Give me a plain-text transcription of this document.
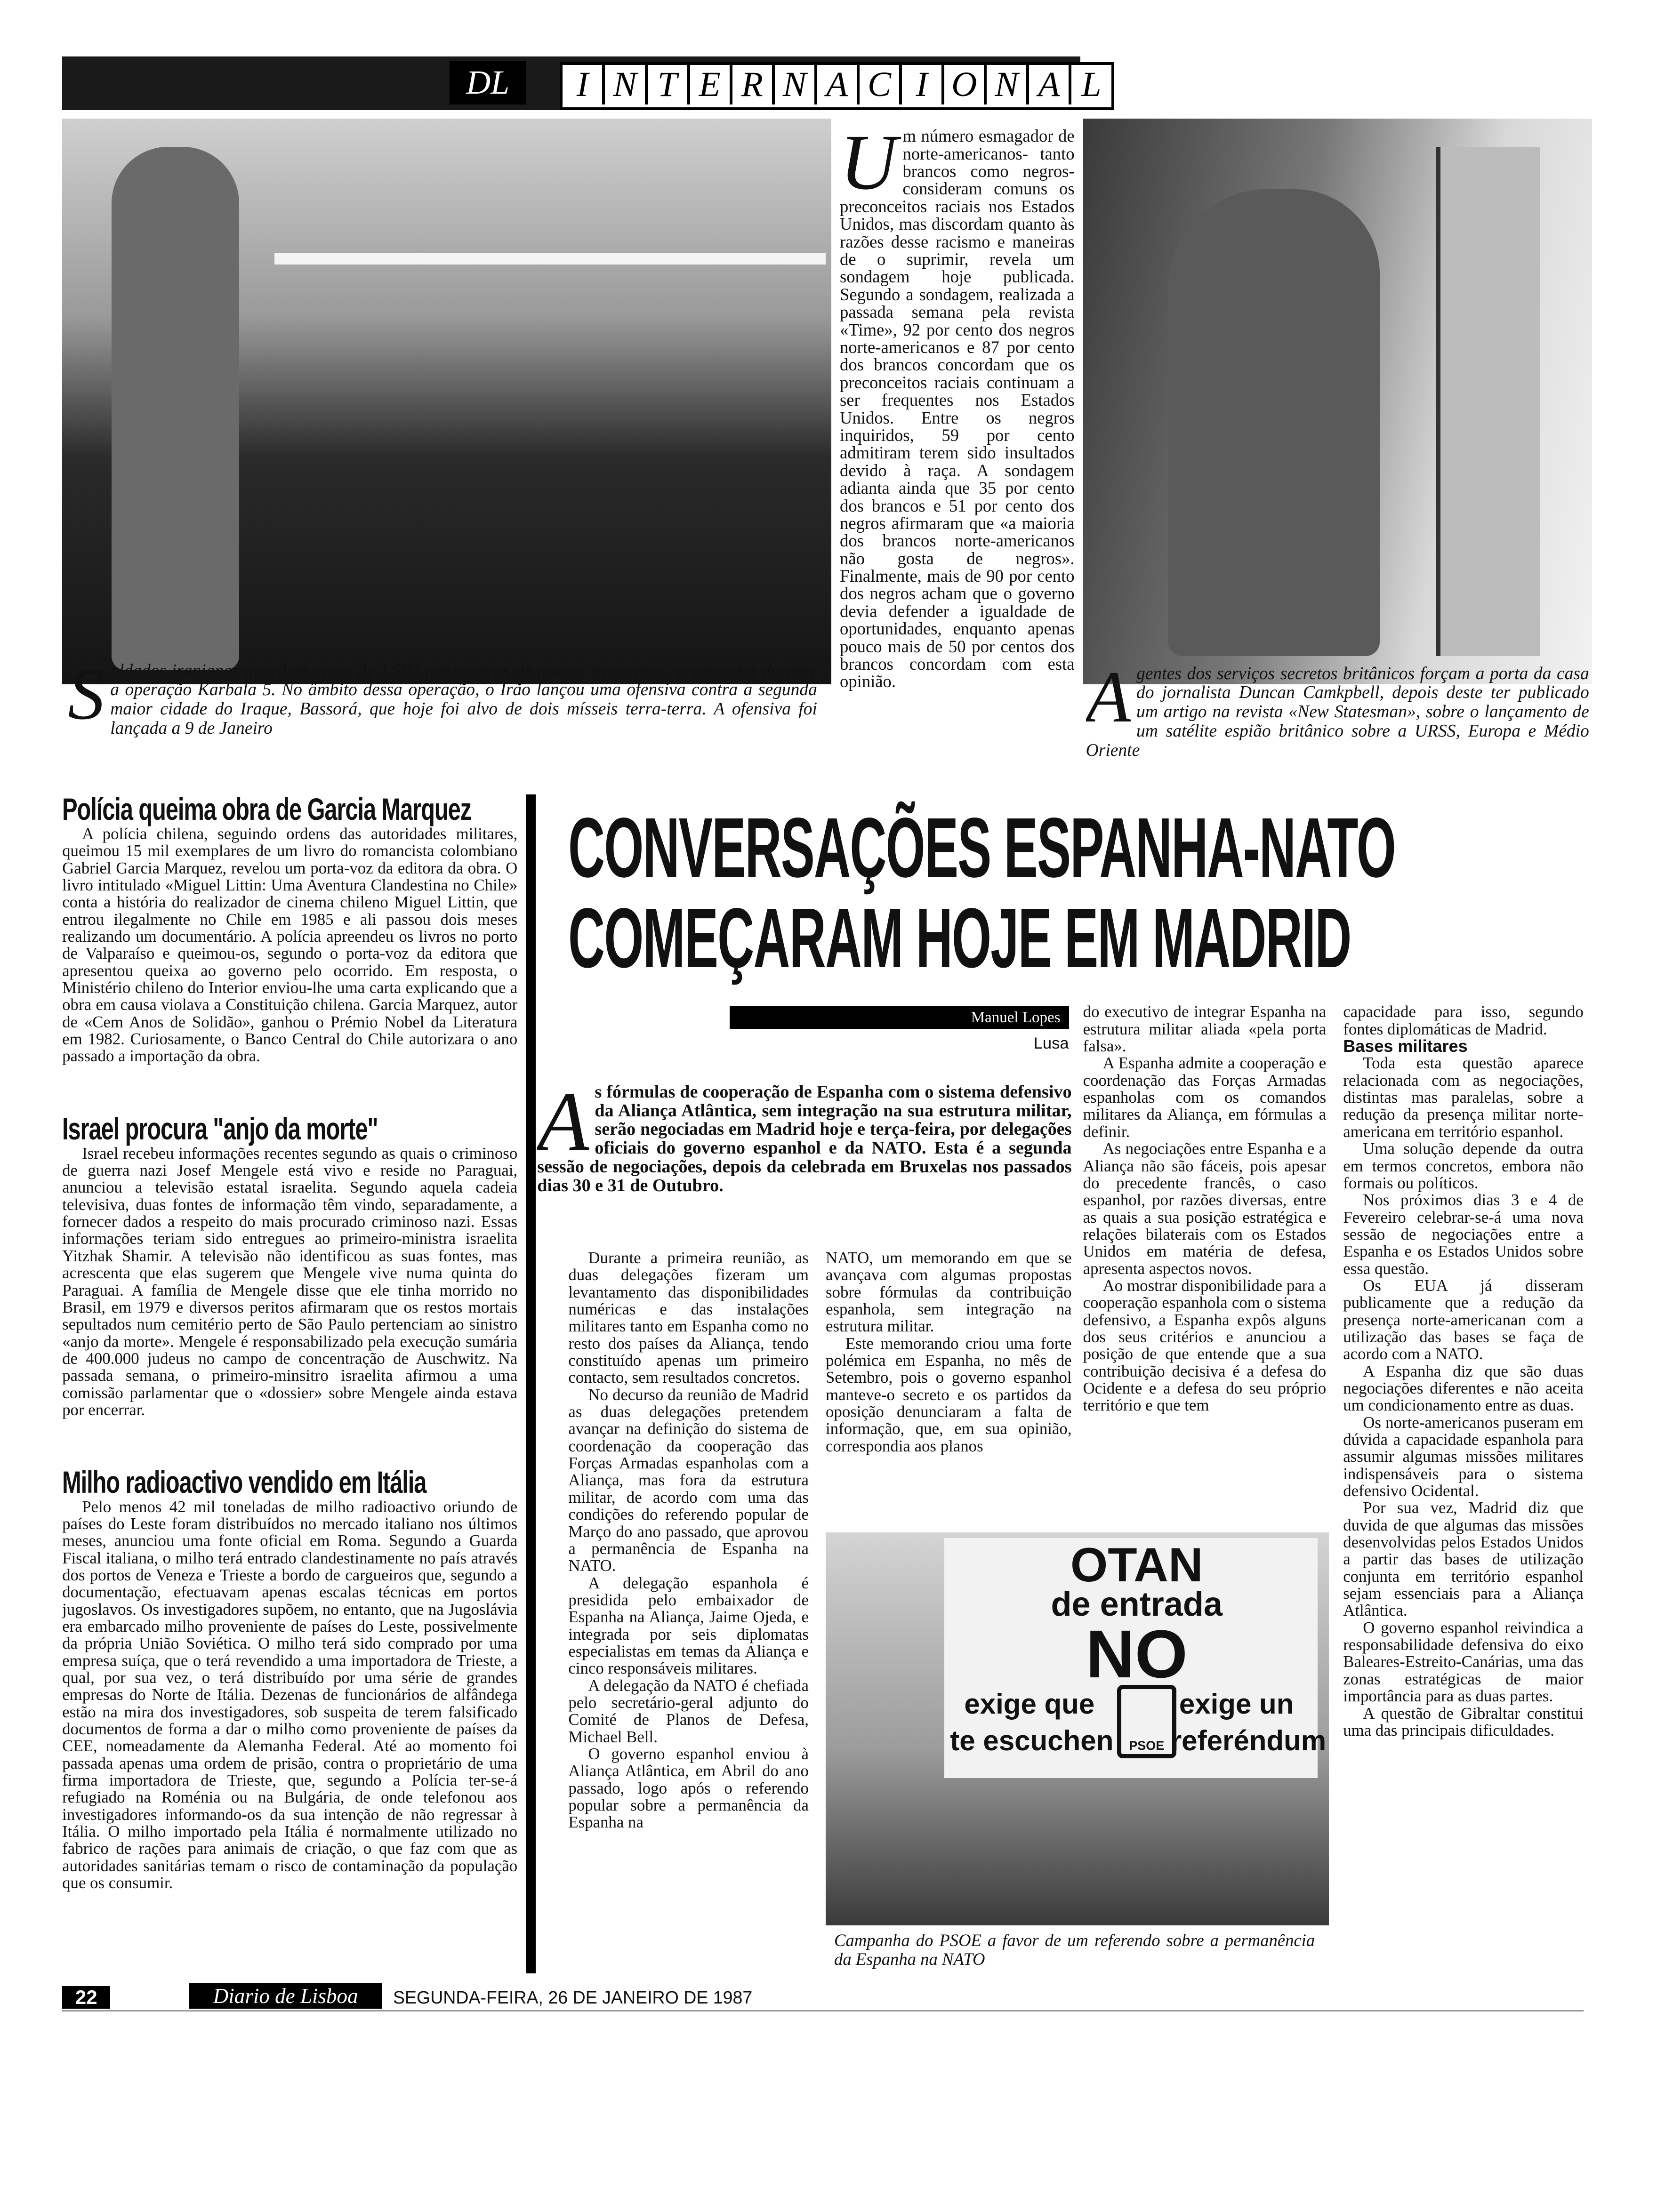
DL	I N T E R N A C I O N A L
Soldados iranianos guardam cerca de 1.500 prisioneiros de guerra iraquianos, capturados durante a operação Karbala 5. No âmbito dessa operação, o Irão lançou uma ofensiva contra a segunda maior cidade do Iraque, Bassorá, que hoje foi alvo de dois mísseis terra-terra. A ofensiva foi lançada a 9 de Janeiro
Um número esmagador de norte-americanos- tanto brancos como negros- consideram comuns os preconceitos raciais nos Estados Unidos, mas discordam quanto às razões desse racismo e maneiras de o suprimir, revela um sondagem hoje publicada. Segundo a sondagem, realizada a passada semana pela revista «Time», 92 por cento dos negros norte-americanos e 87 por cento dos brancos concordam que os preconceitos raciais continuam a ser frequentes nos Estados Unidos. Entre os negros inquiridos, 59 por cento admitiram terem sido insultados devido à raça. A sondagem adianta ainda que 35 por cento dos brancos e 51 por cento dos negros afirmaram que «a maioria dos brancos norte-americanos não gosta de negros». Finalmente, mais de 90 por cento dos negros acham que o governo devia defender a igualdade de oportunidades, enquanto apenas pouco mais de 50 por centos dos brancos concordam com esta opinião.	Agentes dos serviços secretos britânicos forçam a porta da casa do jornalista Duncan Camkpbell, depois deste ter publicado um artigo na revista «New Statesman», sobre o lançamento de um satélite espião britânico sobre a URSS, Europa e Médio Oriente
Polícia queima obra de Garcia Marquez
A polícia chilena, seguindo ordens das autoridades militares, queimou 15 mil exemplares de um livro do romancista colombiano Gabriel Garcia Marquez, revelou um porta-voz da editora da obra. O livro intitulado «Miguel Littin: Uma Aventura Clandestina no Chile» conta a história do realizador de cinema chileno Miguel Littin, que entrou ilegalmente no Chile em 1985 e ali passou dois meses realizando um documentário. A polícia apreendeu os livros no porto de Valparaíso e queimou-os, segundo o porta-voz da editora que apresentou queixa ao governo pelo ocorrido. Em resposta, o Ministério chileno do Interior enviou-lhe uma carta explicando que a obra em causa violava a Constituição chilena. Garcia Marquez, autor de «Cem Anos de Solidão», ganhou o Prémio Nobel da Literatura em 1982. Curiosamente, o Banco Central do Chile autorizara o ano passado a importação da obra.
Israel procura "anjo da morte"
Israel recebeu informações recentes segundo as quais o criminoso de guerra nazi Josef Mengele está vivo e reside no Paraguai, anunciou a televisão estatal israelita. Segundo aquela cadeia televisiva, duas fontes de informação têm vindo, separadamente, a fornecer dados a respeito do mais procurado criminoso nazi. Essas informações teriam sido entregues ao primeiro-ministra israelita Yitzhak Shamir. A televisão não identificou as suas fontes, mas acrescenta que elas sugerem que Mengele vive numa quinta do Paraguai. A família de Mengele disse que ele tinha morrido no Brasil, em 1979 e diversos peritos afirmaram que os restos mortais sepultados num cemitério perto de São Paulo pertenciam ao sinistro «anjo da morte». Mengele é responsabilizado pela execução sumária de 400.000 judeus no campo de concentração de Auschwitz. Na passada semana, o primeiro-minsitro israelita afirmou a uma comissão parlamentar que o «dossier» sobre Mengele ainda estava por encerrar.
Milho radioactivo vendido em Itália
Pelo menos 42 mil toneladas de milho radioactivo oriundo de países do Leste foram distribuídos no mercado italiano nos últimos meses, anunciou uma fonte oficial em Roma. Segundo a Guarda Fiscal italiana, o milho terá entrado clandestinamente no país através dos portos de Veneza e Trieste a bordo de cargueiros que, segundo a documentação, efectuavam apenas escalas técnicas em portos jugoslavos. Os investigadores supõem, no entanto, que na Jugoslávia era embarcado milho proveniente de países do Leste, possivelmente da própria União Soviética. O milho terá sido comprado por uma empresa suíça, que o terá revendido a uma importadora de Trieste, a qual, por sua vez, o terá distribuído por uma série de grandes empresas do Norte de Itália. Dezenas de funcionários de alfândega estão na mira dos investigadores, sob suspeita de terem falsificado documentos de forma a dar o milho como proveniente de países da CEE, nomeadamente da Alemanha Federal. Até ao momento foi passada apenas uma ordem de prisão, contra o proprietário de uma firma importadora de Trieste, que, segundo a Polícia ter-se-á refugiado na Roménia ou na Bulgária, de onde telefonou aos investigadores informando-os da sua intenção de não regressar à Itália. O milho importado pela Itália é normalmente utilizado no fabrico de rações para animais de criação, o que faz com que as autoridades sanitárias temam o risco de contaminação da população que os consumir.
CONVERSAÇÕES ESPANHA-NATO
COMEÇARAM HOJE EM MADRID
Manuel Lopes
Lusa
As fórmulas de cooperação de Espanha com o sistema defensivo da Aliança Atlântica, sem integração na sua estrutura militar, serão negociadas em Madrid hoje e terça-feira, por delegações oficiais do governo espanhol e da NATO. Esta é a segunda sessão de negociações, depois da celebrada em Bruxelas nos passados dias 30 e 31 de Outubro.

Durante a primeira reunião, as duas delegações fizeram um levantamento das disponibilidades numéricas e das instalações militares tanto em Espanha como no resto dos países da Aliança, tendo constituído apenas um primeiro contacto, sem resultados concretos.

No decurso da reunião de Madrid as duas delegações pretendem avançar na definição do sistema de coordenação da cooperação das Forças Armadas espanholas com a Aliança, mas fora da estrutura militar, de acordo com uma das condições do referendo popular de Março do ano passado, que aprovou a permanência de Espanha na NATO.

A delegação espanhola é presidida pelo embaixador de Espanha na Aliança, Jaime Ojeda, e integrada por seis diplomatas especialistas em temas da Aliança e cinco responsáveis militares.

A delegação da NATO é chefiada pelo secretário-geral adjunto do Comité de Planos de Defesa, Michael Bell.

O governo espanhol enviou à Aliança Atlântica, em Abril do ano passado, logo após o referendo popular sobre a permanência da Espanha na

NATO, um memorando em que se avançava com algumas propostas sobre fórmulas da contribuição espanhola, sem integração na estrutura militar.

Este memorando criou uma forte polémica em Espanha, no mês de Setembro, pois o governo espanhol manteve-o secreto e os partidos da oposição denunciaram a falta de informação, que, em sua opinião, correspondia aos planos

do executivo de integrar Espanha na estrutura militar aliada «pela porta falsa».

A Espanha admite a cooperação e coordenação das Forças Armadas espanholas com os comandos militares da Aliança, em fórmulas a definir.

As negociações entre Espanha e a Aliança não são fáceis, pois apesar do precedente francês, o caso espanhol, por razões diversas, entre as quais a sua posição estratégica e relações bilaterais com os Estados Unidos em matéria de defesa, apresenta aspectos novos.

Ao mostrar disponibilidade para a cooperação espanhola com o sistema defensivo, a Espanha expôs alguns dos seus critérios e anunciou a posição de que entende que a sua contribuição decisiva é a defesa do Ocidente e a defesa do seu próprio território e que tem

capacidade para isso, segundo fontes diplomáticas de Madrid.

Bases militares

Toda esta questão aparece relacionada com as negociações, distintas mas paralelas, sobre a redução da presença militar norte-americana em território espanhol.

Uma solução depende da outra em termos concretos, embora não formais ou políticos.

Nos próximos dias 3 e 4 de Fevereiro celebrar-se-á uma nova sessão de negociações entre a Espanha e os Estados Unidos sobre essa questão.

Os EUA já disseram publicamente que a redução da presença norte-americanan com a utilização das bases se faça de acordo com a NATO.

A Espanha diz que são duas negociações diferentes e não aceita um condicionamento entre as duas.

Os norte-americanos puseram em dúvida a capacidade espanhola para assumir algumas missões militares indispensáveis para o sistema defensivo Ocidental.

Por sua vez, Madrid diz que duvida de que algumas das missões desenvolvidas pelos Estados Unidos a partir das bases de utilização conjunta em território espanhol sejam essenciais para a Aliança Atlântica.

O governo espanhol reivindica a responsabilidade defensiva do eixo Baleares-Estreito-Canárias, uma das zonas estratégicas de maior importância para as duas partes.

A questão de Gibraltar constitui uma das principais dificuldades.

OTAN
de entrada
NO
exige que
te escuchen
exige un
referéndum
PSOE
Campanha do PSOE a favor de um referendo sobre a permanência da Espanha na NATO
22	Diario de Lisboa	SEGUNDA-FEIRA, 26 DE JANEIRO DE 1987
